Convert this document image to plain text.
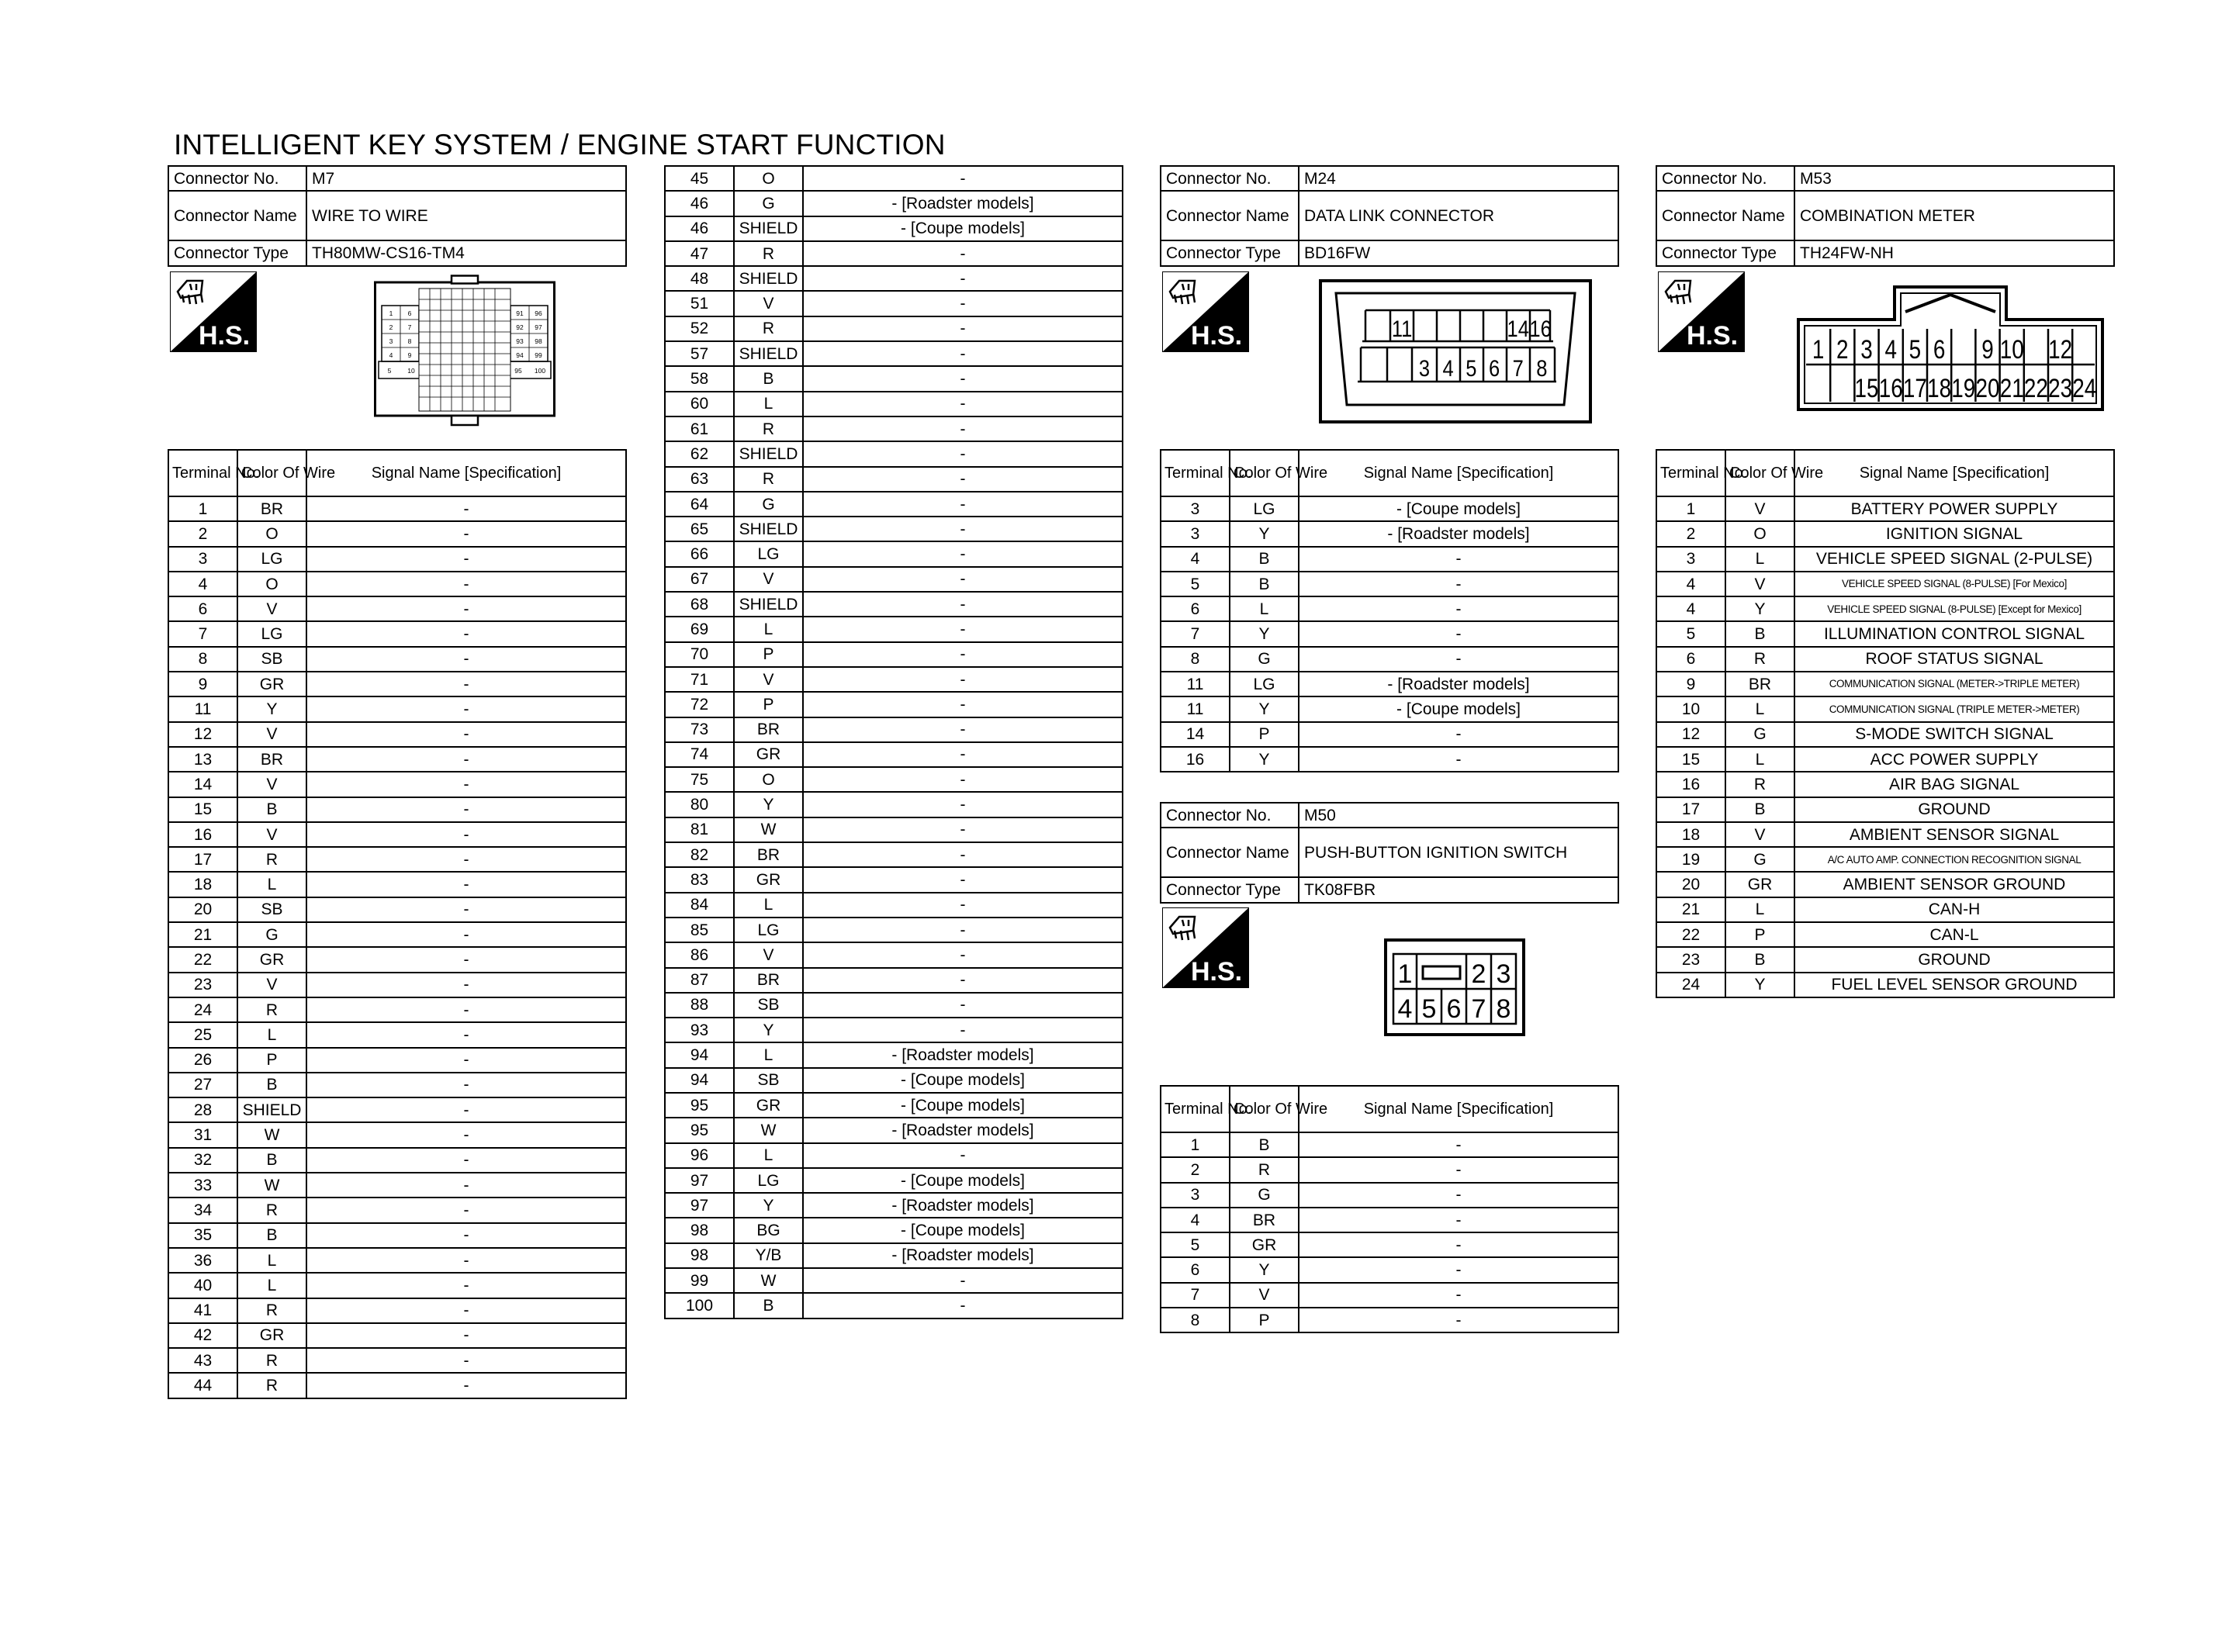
INTELLIGENT KEY SYSTEM / ENGINE START FUNCTION
Connector No.	M7
Connector Name	WIRE TO WIRE
Connector Type	TH80MW-CS16-TM4
H.S.
1 6
2 7
3 8
4 9
5 10
91 96
92 97
93 98
94 99
95 100
Terminal No.	Color Of Wire	Signal Name [Specification]
1	BR	-
2	O	-
3	LG	-
4	O	-
6	V	-
7	LG	-
8	SB	-
9	GR	-
11	Y	-
12	V	-
13	BR	-
14	V	-
15	B	-
16	V	-
17	R	-
18	L	-
20	SB	-
21	G	-
22	GR	-
23	V	-
24	R	-
25	L	-
26	P	-
27	B	-
28	SHIELD	-
31	W	-
32	B	-
33	W	-
34	R	-
35	B	-
36	L	-
40	L	-
41	R	-
42	GR	-
43	R	-
44	R	-
45	O	-
46	G	- [Roadster models]
46	SHIELD	- [Coupe models]
47	R	-
48	SHIELD	-
51	V	-
52	R	-
57	SHIELD	-
58	B	-
60	L	-
61	R	-
62	SHIELD	-
63	R	-
64	G	-
65	SHIELD	-
66	LG	-
67	V	-
68	SHIELD	-
69	L	-
70	P	-
71	V	-
72	P	-
73	BR	-
74	GR	-
75	O	-
80	Y	-
81	W	-
82	BR	-
83	GR	-
84	L	-
85	LG	-
86	V	-
87	BR	-
88	SB	-
93	Y	-
94	L	- [Roadster models]
94	SB	- [Coupe models]
95	GR	- [Coupe models]
95	W	- [Roadster models]
96	L	-
97	LG	- [Coupe models]
97	Y	- [Roadster models]
98	BG	- [Coupe models]
98	Y/B	- [Roadster models]
99	W	-
100	B	-
Connector No.	M24
Connector Name	DATA LINK CONNECTOR
Connector Type	BD16FW
H.S.	11	14 16
3 4 5 6 7 8
Terminal No.	Color Of Wire	Signal Name [Specification]
3	LG	- [Coupe models]
3	Y	- [Roadster models]
4	B	-
5	B	-
6	L	-
7	Y	-
8	G	-
11	LG	- [Roadster models]
11	Y	- [Coupe models]
14	P	-
16	Y	-
Connector No.	M50
Connector Name	PUSH-BUTTON IGNITION SWITCH
Connector Type	TK08FBR
H.S.	1 2 3
4 5 6 7 8
Terminal No.	Color Of Wire	Signal Name [Specification]
1	B	-
2	R	-
3	G	-
4	BR	-
5	GR	-
6	Y	-
7	V	-
8	P	-
Connector No.	M53
Connector Name	COMBINATION METER
Connector Type	TH24FW-NH
H.S.	1 2 3 4 5 6 9 10 12
15 16 17 18 19 20 21 22 23 24
Terminal No.	Color Of Wire	Signal Name [Specification]
1	V	BATTERY POWER SUPPLY
2	O	IGNITION SIGNAL
3	L	VEHICLE SPEED SIGNAL (2-PULSE)
4	V	VEHICLE SPEED SIGNAL (8-PULSE) [For Mexico]
4	Y	VEHICLE SPEED SIGNAL (8-PULSE) [Except for Mexico]
5	B	ILLUMINATION CONTROL SIGNAL
6	R	ROOF STATUS SIGNAL
9	BR	COMMUNICATION SIGNAL (METER->TRIPLE METER)
10	L	COMMUNICATION SIGNAL (TRIPLE METER->METER)
12	G	S-MODE SWITCH SIGNAL
15	L	ACC POWER SUPPLY
16	R	AIR BAG SIGNAL
17	B	GROUND
18	V	AMBIENT SENSOR SIGNAL
19	G	A/C AUTO AMP. CONNECTION RECOGNITION SIGNAL
20	GR	AMBIENT SENSOR GROUND
21	L	CAN-H
22	P	CAN-L
23	B	GROUND
24	Y	FUEL LEVEL SENSOR GROUND
